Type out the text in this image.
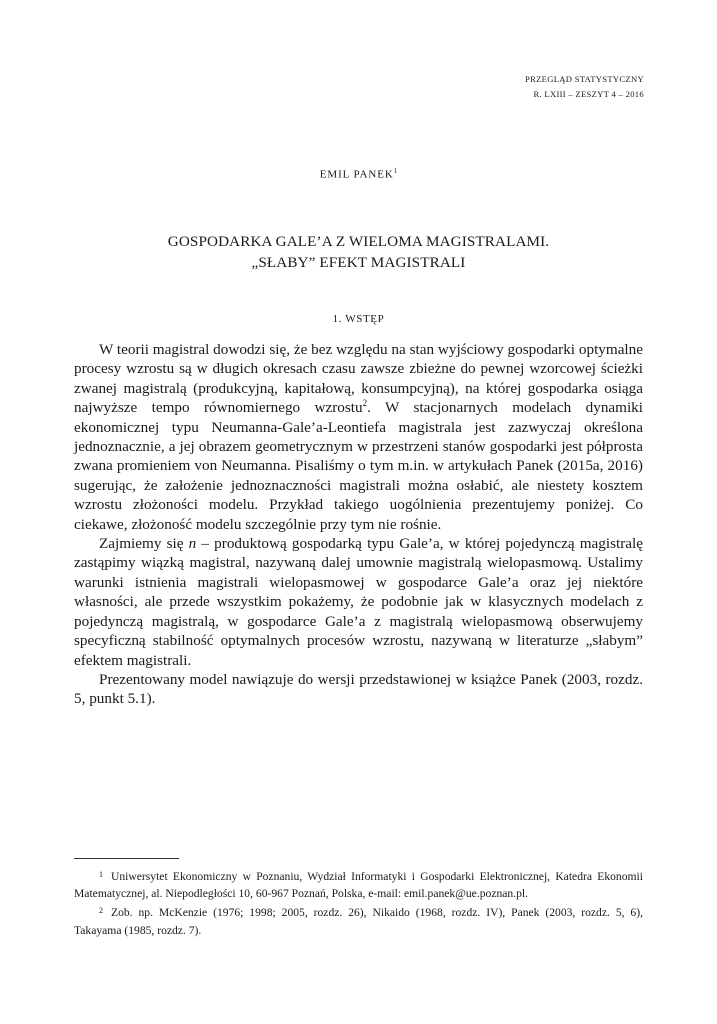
PRZEGLĄD STATYSTYCZNY
R. LXIII – ZESZYT 4 – 2016
EMIL PANEK$^1$
GOSPODARKA GALE’A Z WIELOMA MAGISTRALAMI.
„SŁABY” EFEKT MAGISTRALI
1. WSTĘP

W teorii magistral dowodzi się, że bez względu na stan wyjściowy gospodarki optymalne procesy wzrostu są w długich okresach czasu zawsze zbieżne do pewnej wzorcowej ścieżki zwanej magistralą (produkcyjną, kapitałową, konsumpcyjną), na której gospodarka osiąga najwyższe tempo równomiernego wzrostu$^2$. W stacjonarnych modelach dynamiki ekonomicznej typu Neumanna-Gale’a-Leontiefa magistrala jest zazwyczaj określona jednoznacznie, a jej obrazem geometrycznym w przestrzeni stanów gospodarki jest półprosta zwana promieniem von Neumanna. Pisaliśmy o tym m.in. w artykułach Panek (2015a, 2016) sugerując, że założenie jednoznaczności magistrali można osłabić, ale niestety kosztem wzrostu złożoności modelu. Przykład takiego uogólnienia prezentujemy poniżej. Co ciekawe, złożoność modelu szczególnie przy tym nie rośnie.

Zajmiemy się n – produktową gospodarką typu Gale’a, w której pojedynczą magistralę zastąpimy wiązką magistral, nazywaną dalej umownie magistralą wielopasmową. Ustalimy warunki istnienia magistrali wielopasmowej w gospodarce Gale’a oraz jej niektóre własności, ale przede wszystkim pokażemy, że podobnie jak w klasycznych modelach z pojedynczą magistralą, w gospodarce Gale’a z magistralą wielopasmową obserwujemy specyficzną stabilność optymalnych procesów wzrostu, nazywaną w literaturze „słabym” efektem magistrali.

Prezentowany model nawiązuje do wersji przedstawionej w książce Panek (2003, rozdz. 5, punkt 5.1).

$^1$ Uniwersytet Ekonomiczny w Poznaniu, Wydział Informatyki i Gospodarki Elektronicznej, Katedra Ekonomii Matematycznej, al. Niepodległości 10, 60-967 Poznań, Polska, e-mail: emil.panek@ue.poznan.pl.

$^2$ Zob. np. McKenzie (1976; 1998; 2005, rozdz. 26), Nikaido (1968, rozdz. IV), Panek (2003, rozdz. 5, 6), Takayama (1985, rozdz. 7).
